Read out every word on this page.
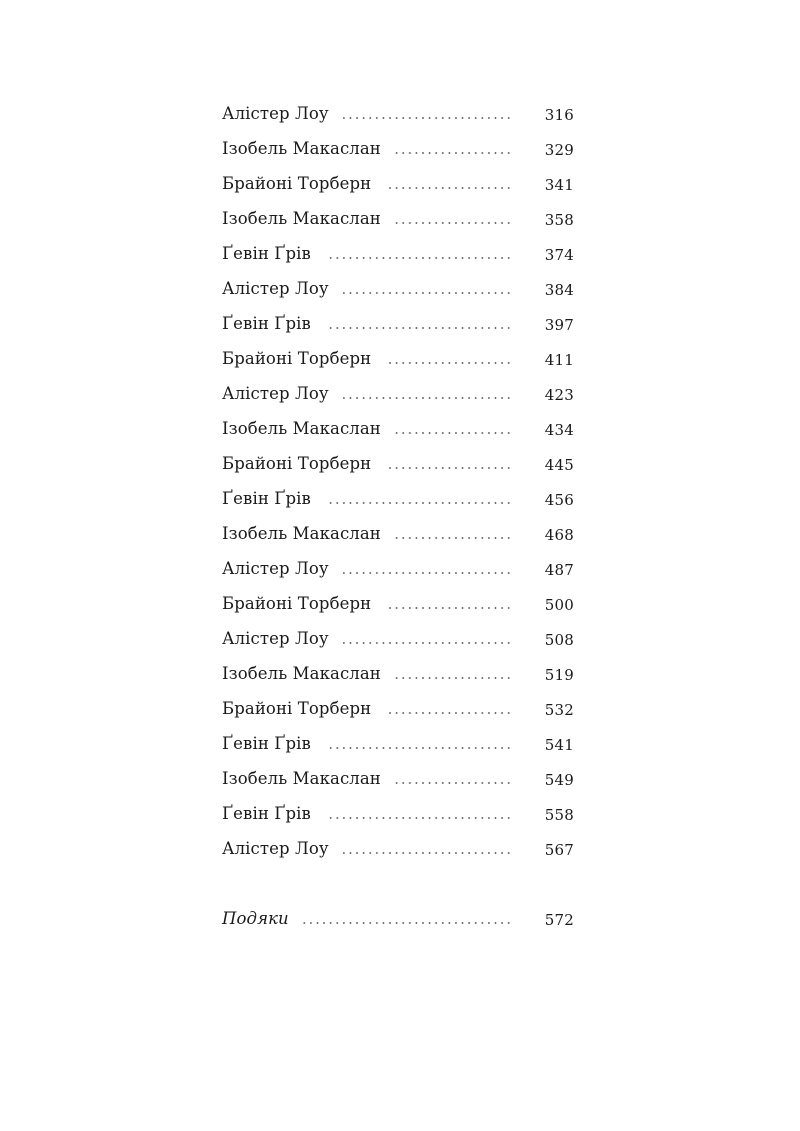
Алістер Лоу	316
Ізобель Макаслан	329
Брайоні Торберн	341
Ізобель Макаслан	358
Ґевін Ґрів	374
Алістер Лоу	384
Ґевін Ґрів	397
Брайоні Торберн	411
Алістер Лоу	423
Ізобель Макаслан	434
Брайоні Торберн	445
Ґевін Ґрів	456
Ізобель Макаслан	468
Алістер Лоу	487
Брайоні Торберн	500
Алістер Лоу	508
Ізобель Макаслан	519
Брайоні Торберн	532
Ґевін Ґрів	541
Ізобель Макаслан	549
Ґевін Ґрів	558
Алістер Лоу	567
Подяки	572
